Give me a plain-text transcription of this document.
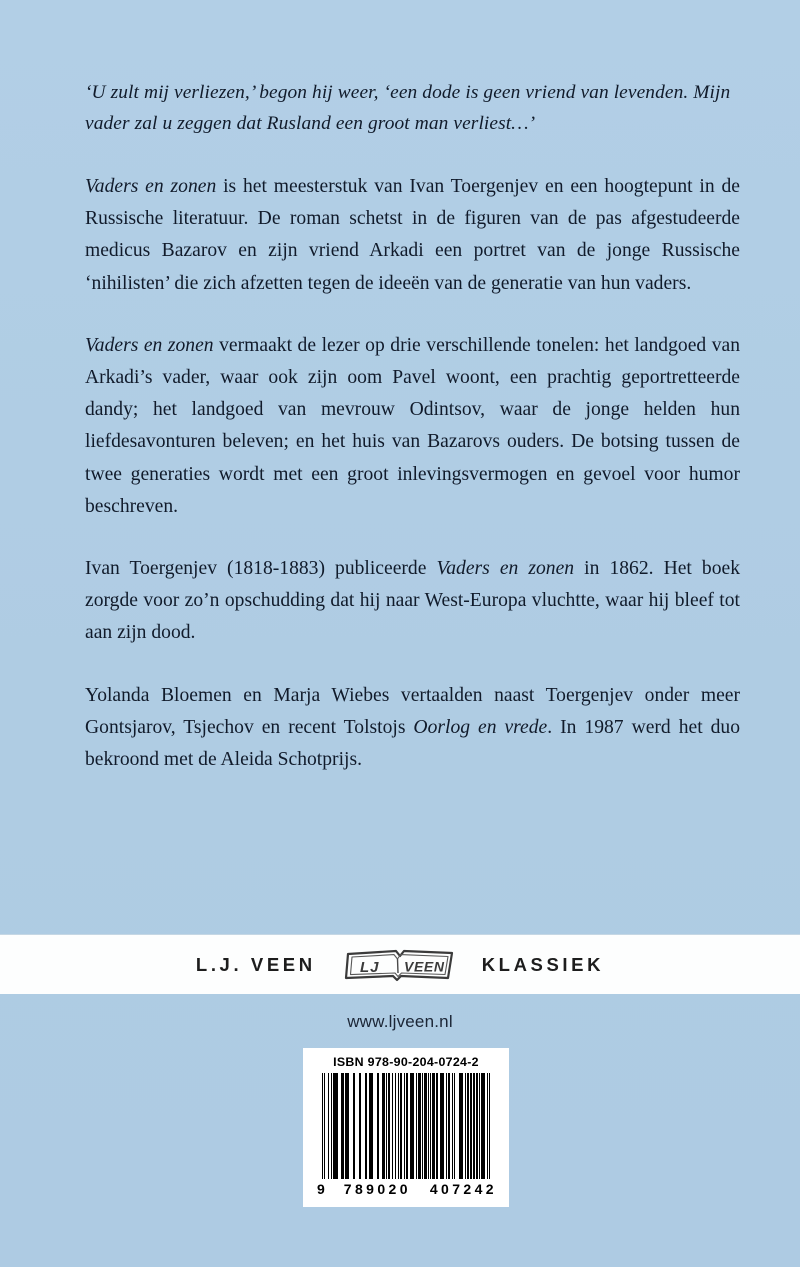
‘U zult mij verliezen,’ begon hij weer, ‘een dode is geen vriend van levenden. Mijn vader zal u zeggen dat Rusland een groot man verliest…’

Vaders en zonen is het meesterstuk van Ivan Toergenjev en een hoogtepunt in de Russische literatuur. De roman schetst in de figuren van de pas afgestudeerde medicus Bazarov en zijn vriend Arkadi een portret van de jonge Russische ‘nihilisten’ die zich afzetten tegen de ideeën van de generatie van hun vaders.

Vaders en zonen vermaakt de lezer op drie verschillende tonelen: het landgoed van Arkadi’s vader, waar ook zijn oom Pavel woont, een prachtig geportretteerde dandy; het landgoed van mevrouw Odintsov, waar de jonge helden hun liefdesavonturen beleven; en het huis van Bazarovs ouders. De botsing tussen de twee generaties wordt met een groot inlevingsvermogen en gevoel voor humor beschreven.

Ivan Toergenjev (1818-1883) publiceerde Vaders en zonen in 1862. Het boek zorgde voor zo’n opschudding dat hij naar West-Europa vluchtte, waar hij bleef tot aan zijn dood.

Yolanda Bloemen en Marja Wiebes vertaalden naast Toergenjev onder meer Gontsjarov, Tsjechov en recent Tolstojs Oorlog en vrede. In 1987 werd het duo bekroond met de Aleida Schotprijs.

L.J. VEEN	LJ VEEN KLASSIEK
www.ljveen.nl
ISBN 978-90-204-0724-2
9 789020 407242
